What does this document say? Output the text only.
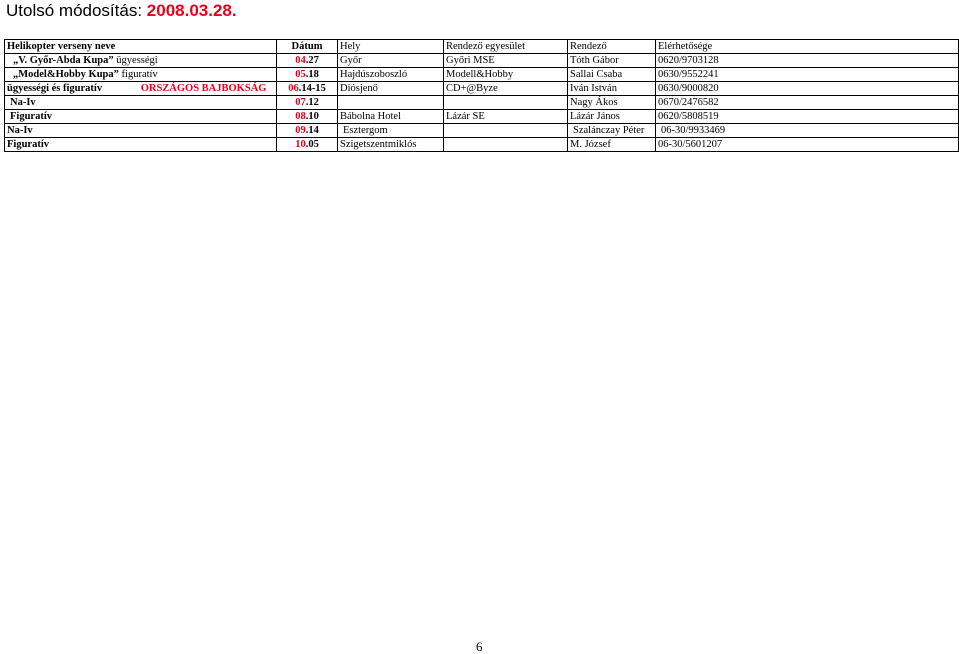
Utolsó módosítás: 2008.03.28.
Helikopter verseny neve	Dátum	Hely	Rendező egyesület	Rendező	Elérhetősége
„V. Győr-Abda Kupa” ügyességi	04.27	Győr	Győri MSE	Tóth Gábor	0620/9703128
„Model&Hobby Kupa” figuratív	05.18	Hajdúszoboszló	Modell&Hobby	Sallai Csaba	0630/9552241
ügyességi és figuratív ORSZÁGOS BAJBOKSÁG	06.14-15	Diósjenő	CD+@Byze	Iván István	0630/9000820
Na-Iv	07.12			Nagy Ákos	0670/2476582
Figuratív	08.10	Bábolna Hotel	Lázár SE	Lázár János	0620/5808519
Na-Iv	09.14	Esztergom		Szalánczay Péter	06-30/9933469
Figuratív	10.05	Szigetszentmiklós		M. József	06-30/5601207
6
